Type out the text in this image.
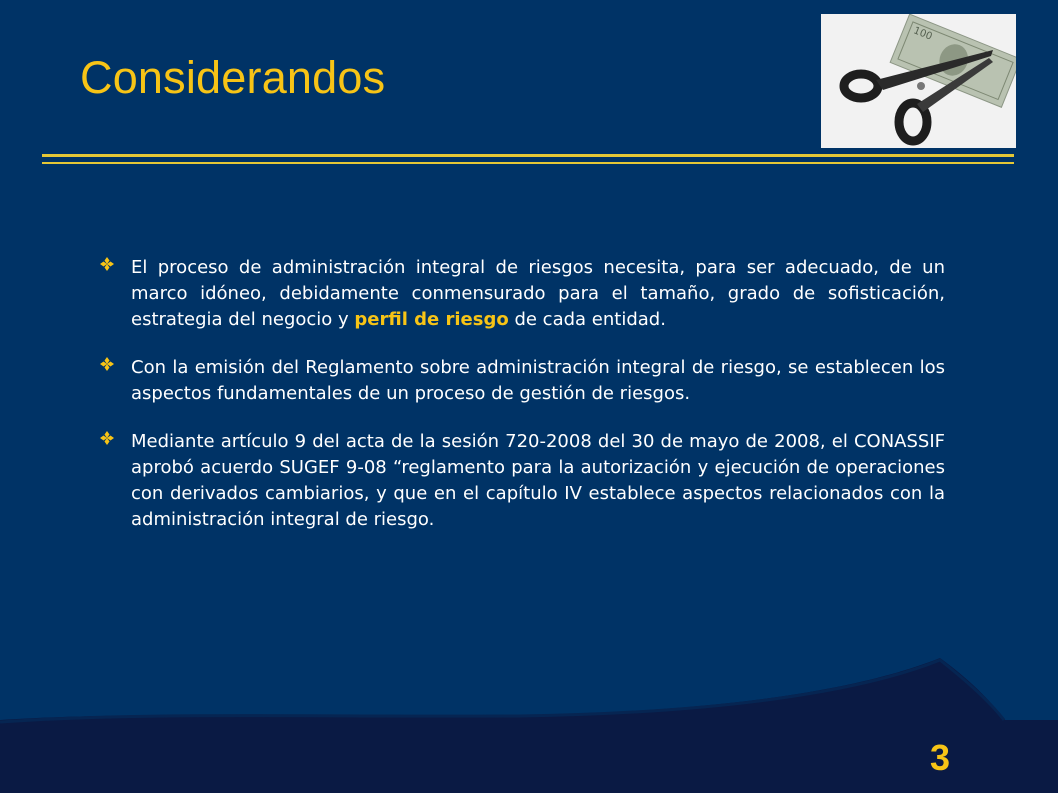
Considerandos
100

El proceso de administración integral de riesgos necesita, para ser adecuado, de un marco idóneo, debidamente conmensurado para el tamaño, grado de sofisticación, estrategia del negocio y perfil de riesgo de cada entidad.

Con la emisión del Reglamento sobre administración integral de riesgo, se establecen los aspectos fundamentales de un proceso de gestión de riesgos.

Mediante artículo 9 del acta de la sesión 720-2008 del 30 de mayo de 2008, el CONASSIF aprobó acuerdo SUGEF 9-08 “reglamento para la autorización y ejecución de operaciones con derivados cambiarios, y que en el capítulo IV establece aspectos relacionados con la administración integral de riesgo.

3
